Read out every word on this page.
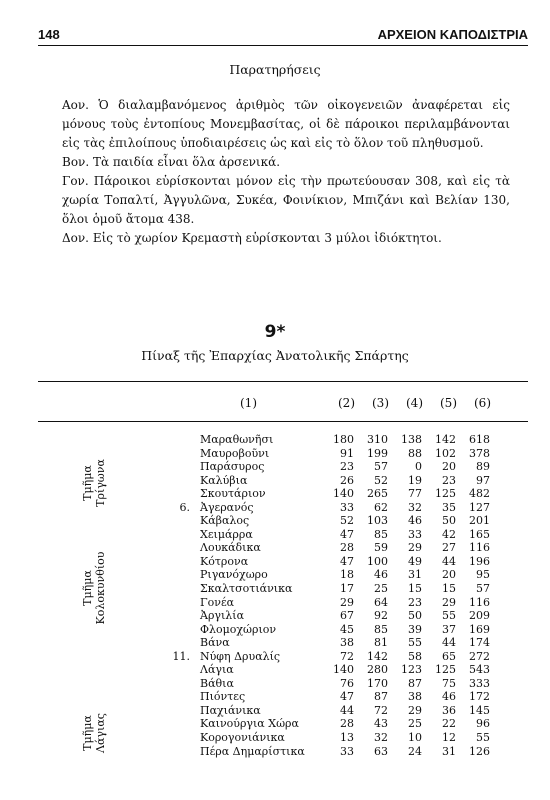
148	ΑΡΧΕΙΟΝ ΚΑΠΟΔΙΣΤΡΙΑ
Παρατηρήσεις

Αον. Ὁ διαλαμβανόμενος ἀριθμὸς τῶν οἰκογενειῶν ἀναφέρεται εἰς μόνους τοὺς ἐντοπίους Μονεμβασίτας, οἱ δὲ πάροικοι περιλαμβάνονται εἰς τὰς ἐπιλοίπους ὑποδιαιρέσεις ὡς καὶ εἰς τὸ ὅλον τοῦ πληθυσμοῦ.

Βον. Τὰ παιδία εἶναι ὅλα ἀρσενικά.

Γον. Πάροικοι εὑρίσκονται μόνον εἰς τὴν πρωτεύουσαν 308, καὶ εἰς τὰ χωρία Τοπαλτί, Ἀγγυλῶνα, Συκέα, Φοινίκιον, Μπιζάνι καὶ Βελίαν 130, ὅλοι ὁμοῦ ἄτομα 438.

Δον. Εἰς τὸ χωρίον Κρεμαστὴ εὑρίσκονται 3 μύλοι ἰδιόκτητοι.

9*
Πίναξ τῆς Ἐπαρχίας Ἀνατολικῆς Σπάρτης
(1)	(2) (3) (4) (5) (6)
Τμῆμα Τρίγωνα
Τμῆμα Κολοκυνθίου
Τμῆμα Λάγιας
Μαραθωνῆσι	180	310	138	142	618
Μαυροβοῦνι	91	199	88	102	378
Παράσυρος	23	57	0	20	89
Καλύβια	26	52	19	23	97
Σκουτάριον	140	265	77	125	482
6. Ἀγερανός	33	62	32	35	127
Κάβαλος	52	103	46	50	201
Χειμάρρα	47	85	33	42	165
Λουκάδικα	28	59	29	27	116
Κότρονα	47	100	49	44	196
Ριγανόχωρο	18	46	31	20	95
Σκαλτσοτιάνικα	17	25	15	15	57
Γονέα	29	64	23	29	116
Ἀργιλία	67	92	50	55	209
Φλομοχώριον	45	85	39	37	169
Βάνα	38	81	55	44	174
11. Νύφη Δρυαλίς	72	142	58	65	272
Λάγια	140	280	123	125	543
Βάθια	76	170	87	75	333
Πιόντες	47	87	38	46	172
Παχιάνικα	44	72	29	36	145
Καινούργια Χώρα	28	43	25	22	96
Κορογονιάνικα	13	32	10	12	55
Πέρα Δημαρίστικα	33	63	24	31	126
